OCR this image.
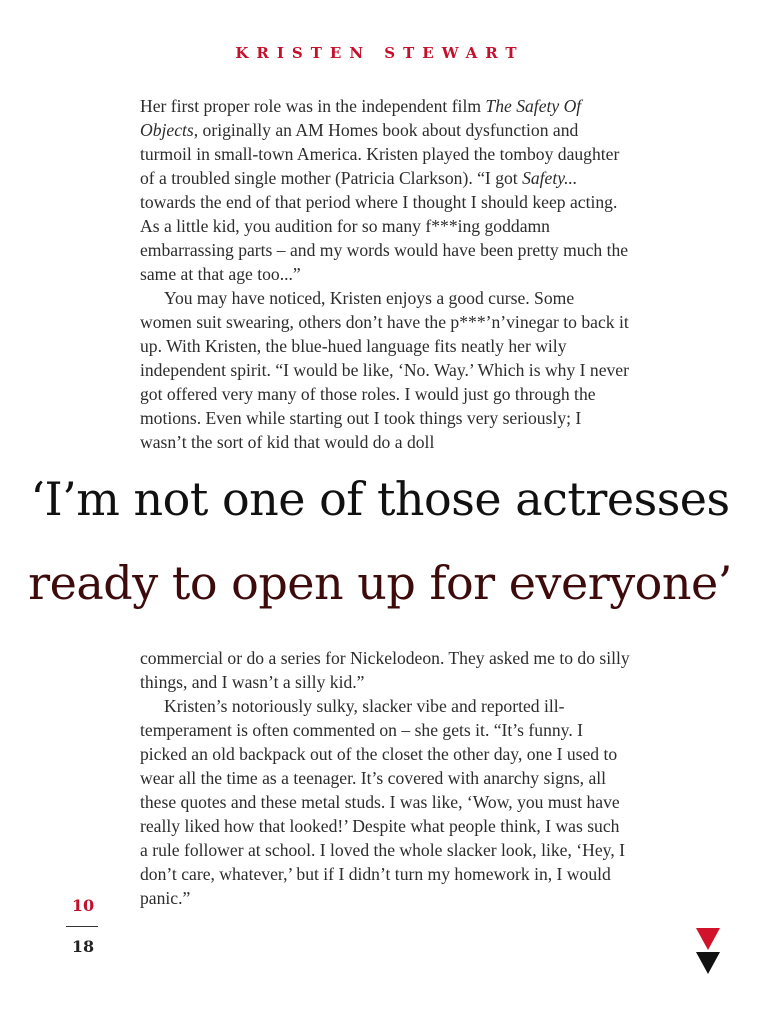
KRISTEN STEWART

Her first proper role was in the independent film The Safety Of Objects, originally an AM Homes book about dysfunction and turmoil in small-town America. Kristen played the tomboy daughter of a troubled single mother (Patricia Clarkson). “I got Safety... towards the end of that period where I thought I should keep acting. As a little kid, you audition for so many f***ing goddamn embarrassing parts – and my words would have been pretty much the same at that age too...”

You may have noticed, Kristen enjoys a good curse. Some women suit swearing, others don’t have the p***’n’vinegar to back it up. With Kristen, the blue-hued language fits neatly her wily independent spirit. “I would be like, ‘No. Way.’ Which is why I never got offered very many of those roles. I would just go through the motions. Even while starting out I took things very seriously; I wasn’t the sort of kid that would do a doll

‘I’m not one of those actresses
ready to open up for everyone’

commercial or do a series for Nickelodeon. They asked me to do silly things, and I wasn’t a silly kid.”

Kristen’s notoriously sulky, slacker vibe and reported ill-temperament is often commented on – she gets it. “It’s funny. I picked an old backpack out of the closet the other day, one I used to wear all the time as a teenager. It’s covered with anarchy signs, all these quotes and these metal studs. I was like, ‘Wow, you must have really liked how that looked!’ Despite what people think, I was such a rule follower at school. I loved the whole slacker look, like, ‘Hey, I don’t care, whatever,’ but if I didn’t turn my homework in, I would panic.”

10
18
